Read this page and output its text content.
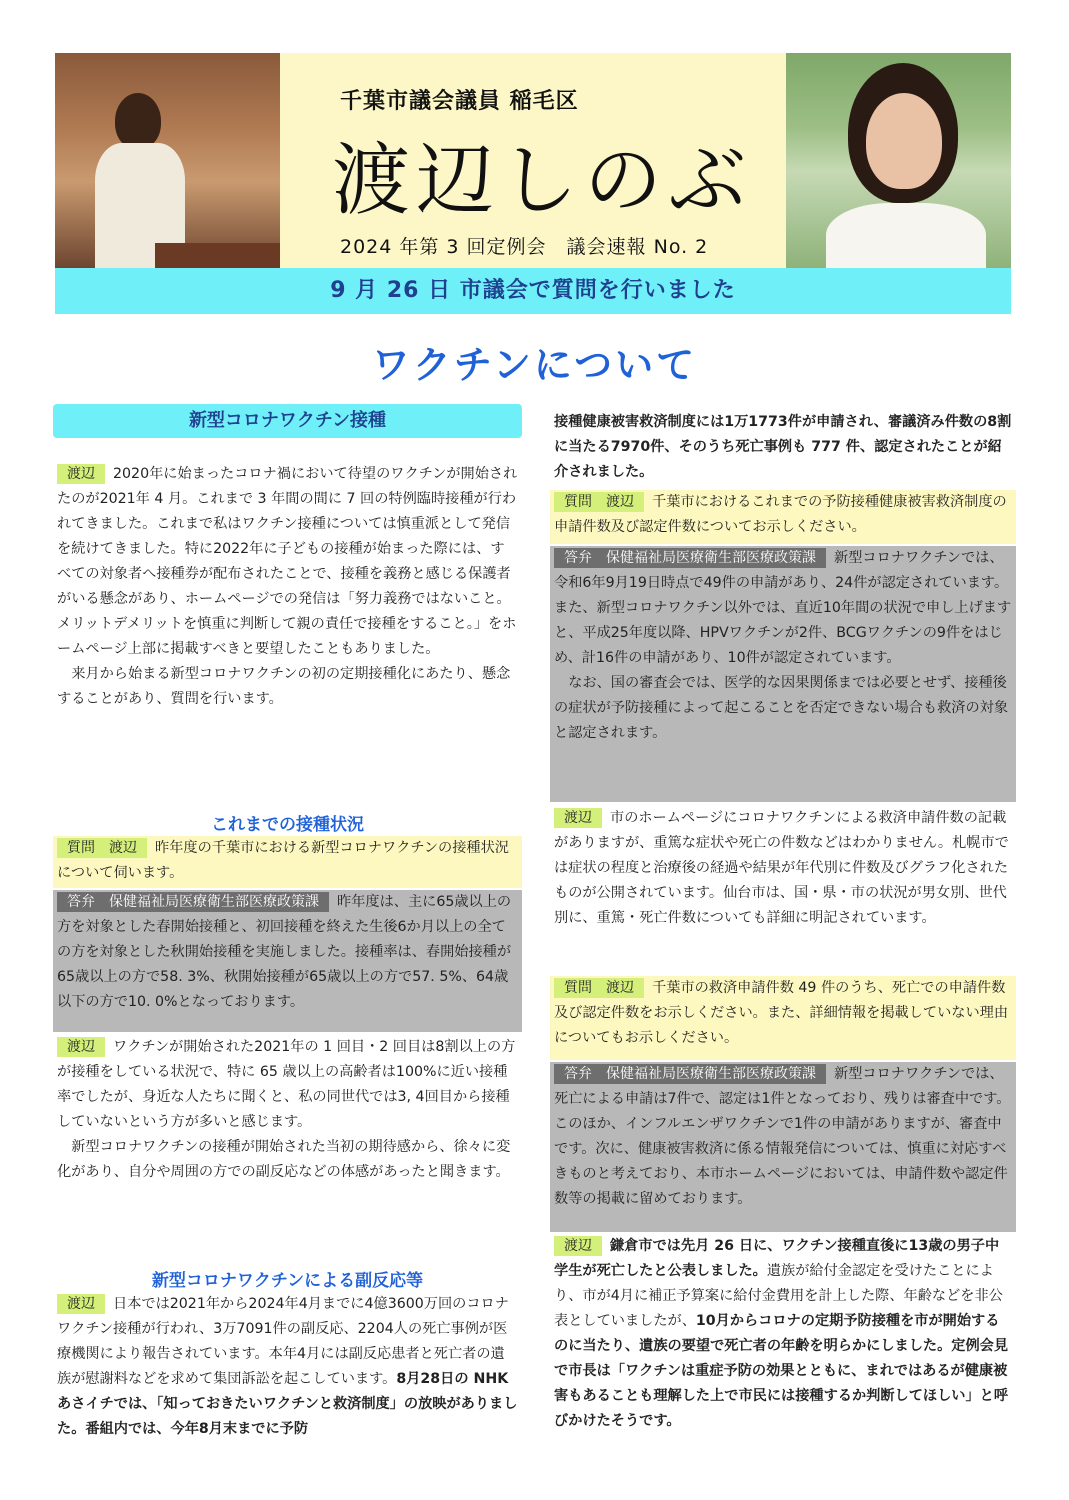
千葉市議会議員 稲毛区
渡辺しのぶ
2024 年第 3 回定例会　議会速報 No. 2
9 月 26 日 市議会で質問を行いました
ワクチンについて
新型コロナワクチン接種

渡辺 2020年に始まったコロナ禍において待望のワクチンが開始されたのが2021年 4 月。これまで 3 年間の間に 7 回の特例臨時接種が行われてきました。これまで私はワクチン接種については慎重派として発信を続けてきました。特に2022年に子どもの接種が始まった際には、すべての対象者へ接種券が配布されたことで、接種を義務と感じる保護者がいる懸念があり、ホームページでの発信は「努力義務ではないこと。メリットデメリットを慎重に判断して親の責任で接種をすること。」をホームページ上部に掲載すべきと要望したこともありました。

来月から始まる新型コロナワクチンの初の定期接種化にあたり、懸念することがあり、質問を行います。

これまでの接種状況
質問　渡辺 昨年度の千葉市における新型コロナワクチンの接種状況について伺います。
答弁　保健福祉局医療衛生部医療政策課 昨年度は、主に65歳以上の方を対象とした春開始接種と、初回接種を終えた生後6か月以上の全ての方を対象とした秋開始接種を実施しました。接種率は、春開始接種が65歳以上の方で58. 3%、秋開始接種が65歳以上の方で57. 5%、64歳以下の方で10. 0%となっております。

渡辺 ワクチンが開始された2021年の 1 回目・2 回目は8割以上の方が接種をしている状況で、特に 65 歳以上の高齢者は100%に近い接種率でしたが、身近な人たちに聞くと、私の同世代では3, 4回目から接種していないという方が多いと感じます。

新型コロナワクチンの接種が開始された当初の期待感から、徐々に変化があり、自分や周囲の方での副反応などの体感があったと聞きます。

新型コロナワクチンによる副反応等

渡辺 日本では2021年から2024年4月までに4億3600万回のコロナワクチン接種が行われ、3万7091件の副反応、2204人の死亡事例が医療機関により報告されています。本年4月には副反応患者と死亡者の遺族が慰謝料などを求めて集団訴訟を起こしています。8月28日の NHK あさイチでは、「知っておきたいワクチンと救済制度」の放映がありました。番組内では、今年8月末までに予防

接種健康被害救済制度には1万1773件が申請され、審議済み件数の8割に当たる7970件、そのうち死亡事例も 777 件、認定されたことが紹介されました。
質問　渡辺 千葉市におけるこれまでの予防接種健康被害救済制度の申請件数及び認定件数についてお示しください。

答弁　保健福祉局医療衛生部医療政策課 新型コロナワクチンでは、令和6年9月19日時点で49件の申請があり、24件が認定されています。

また、新型コロナワクチン以外では、直近10年間の状況で申し上げますと、平成25年度以降、HPVワクチンが2件、BCGワクチンの9件をはじめ、計16件の申請があり、10件が認定されています。

なお、国の審査会では、医学的な因果関係までは必要とせず、接種後の症状が予防接種によって起こることを否定できない場合も救済の対象と認定されます。

渡辺 市のホームページにコロナワクチンによる救済申請件数の記載がありますが、重篤な症状や死亡の件数などはわかりません。札幌市では症状の程度と治療後の経過や結果が年代別に件数及びグラフ化されたものが公開されています。仙台市は、国・県・市の状況が男女別、世代別に、重篤・死亡件数についても詳細に明記されています。
質問　渡辺 千葉市の救済申請件数 49 件のうち、死亡での申請件数及び認定件数をお示しください。また、詳細情報を掲載していない理由についてもお示しください。
答弁　保健福祉局医療衛生部医療政策課 新型コロナワクチンでは、死亡による申請は7件で、認定は1件となっており、残りは審査中です。このほか、インフルエンザワクチンで1件の申請がありますが、審査中です。次に、健康被害救済に係る情報発信については、慎重に対応すべきものと考えており、本市ホームページにおいては、申請件数や認定件数等の掲載に留めております。
渡辺 鎌倉市では先月 26 日に、ワクチン接種直後に13歳の男子中学生が死亡したと公表しました。遺族が給付金認定を受けたことにより、市が4月に補正予算案に給付金費用を計上した際、年齢などを非公表としていましたが、10月からコロナの定期予防接種を市が開始するのに当たり、遺族の要望で死亡者の年齢を明らかにしました。定例会見で市長は「ワクチンは重症予防の効果とともに、まれではあるが健康被害もあることも理解した上で市民には接種するか判断してほしい」と呼びかけたそうです。
